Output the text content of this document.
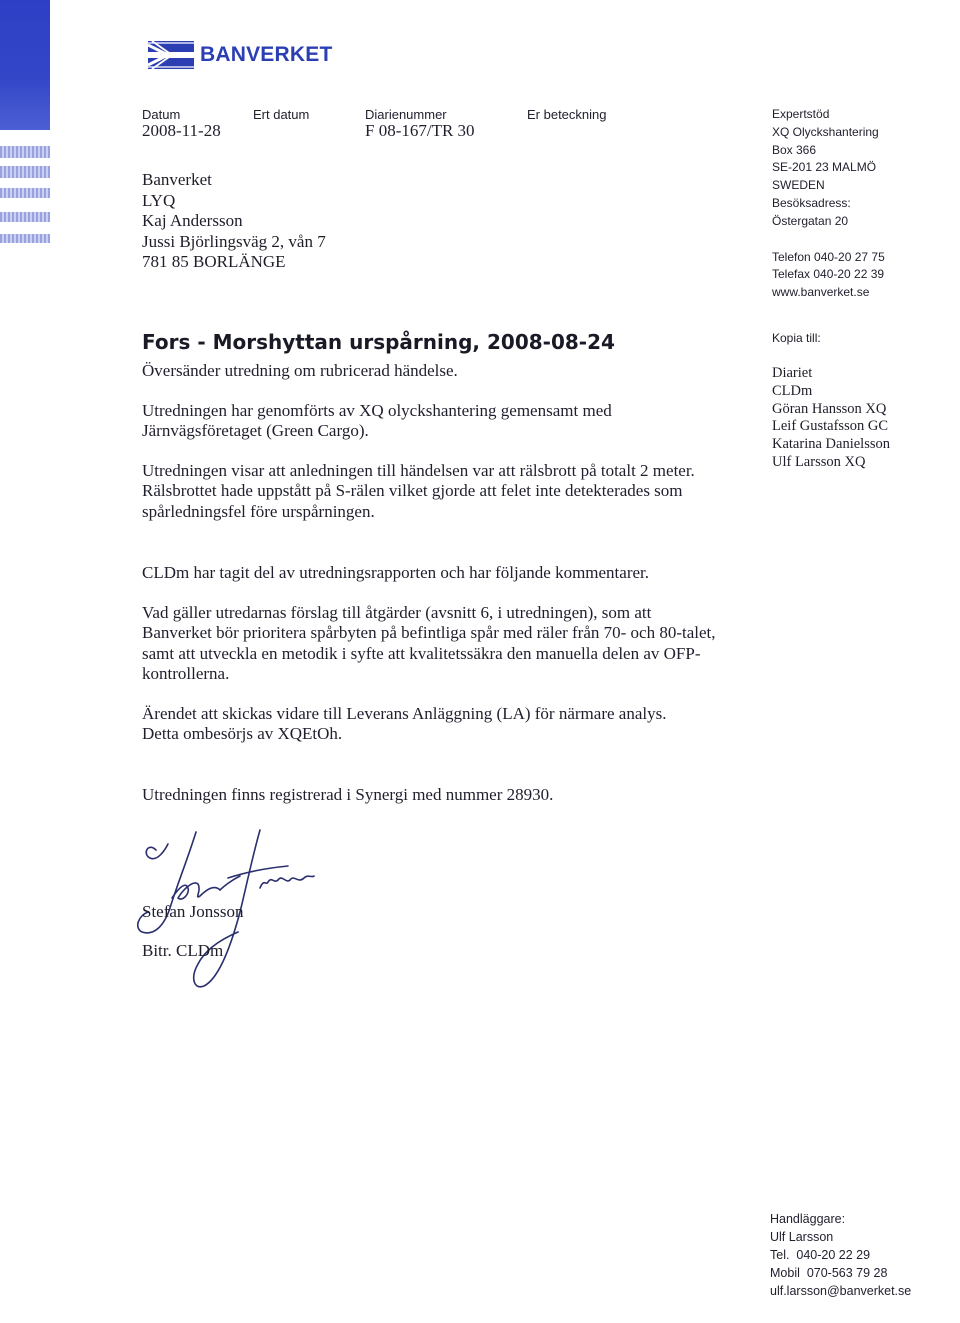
BANVERKET
Datum
2008-11-28
Ert datum	Diarienummer
F 08-167/TR 30
Er beteckning
Banverket
LYQ
Kaj Andersson
Jussi Björlingsväg 2, vån 7
781 85 BORLÄNGE
Expertstöd
XQ Olyckshantering
Box 366
SE-201 23 MALMÖ
SWEDEN
Besöksadress:
Östergatan 20
Telefon 040-20 27 75
Telefax 040-20 22 39
www.banverket.se
Fors - Morshyttan urspårning, 2008-08-24	Kopia till:
Diariet
CLDm
Göran Hansson XQ
Leif Gustafsson GC
Katarina Danielsson
Ulf Larsson XQ

Översänder utredning om rubricerad händelse.

Utredningen har genomförts av XQ olyckshantering gemensamt med Järnvägsföretaget (Green Cargo).

Utredningen visar att anledningen till händelsen var att rälsbrott på totalt 2 meter.

Rälsbrottet hade uppstått på S-rälen vilket gjorde att felet inte detekterades som spårledningsfel före urspårningen.

CLDm har tagit del av utredningsrapporten och har följande kommentarer.

Vad gäller utredarnas förslag till åtgärder (avsnitt 6, i utredningen), som att Banverket bör prioritera spårbyten på befintliga spår med räler från 70- och 80-talet, samt att utveckla en metodik i syfte att kvalitetssäkra den manuella delen av OFP-kontrollerna.

Ärendet att skickas vidare till Leverans Anläggning (LA) för närmare analys.

Detta ombesörjs av XQEtOh.

Utredningen finns registrerad i Synergi med nummer 28930.

Stefan Jonsson
Bitr. CLDm
Handläggare:
Ulf Larsson
Tel.  040-20 22 29
Mobil  070-563 79 28
ulf.larsson@banverket.se
